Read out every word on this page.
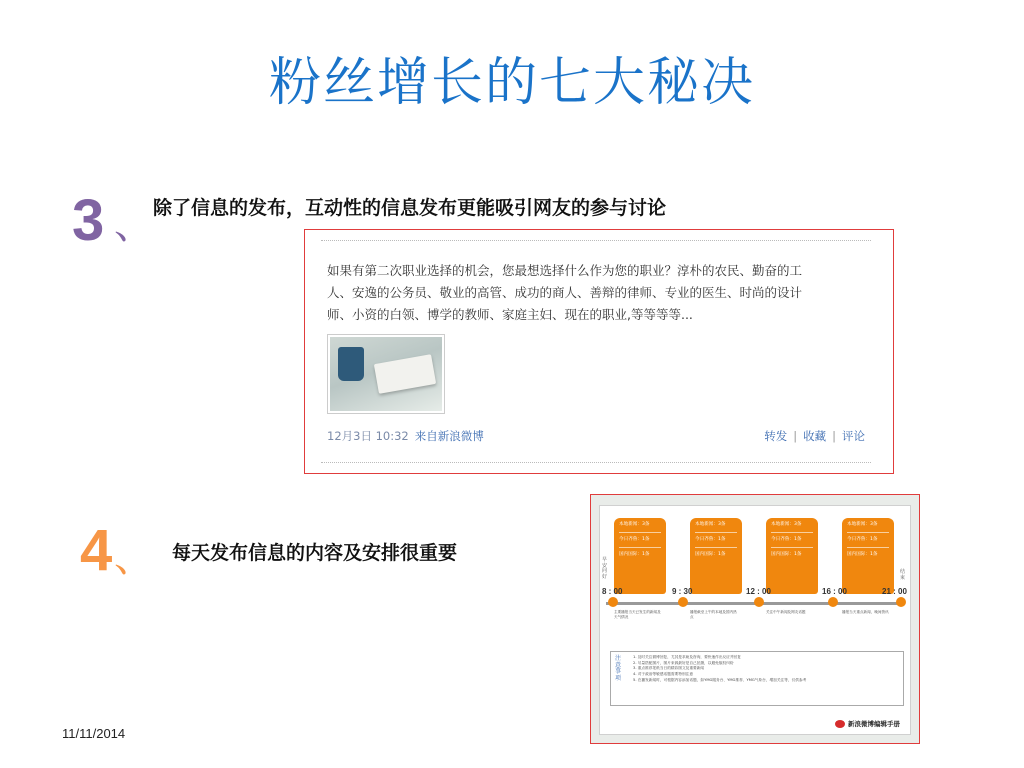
粉丝增长的七大秘决
3 、 除了信息的发布，互动性的信息发布更能吸引网友的参与讨论
如果有第二次职业选择的机会，您最想选择什么作为您的职业？淳朴的农民、勤奋的工
人、安逸的公务员、敬业的高管、成功的商人、善辩的律师、专业的医生、时尚的设计
师、小资的白领、博学的教师、家庭主妇、现在的职业,等等等等...
12月3日 10:32 来自新浪微博	转发 | 收藏 | 评论
4 、 每天发布信息的内容及安排很重要	早安问好
结束
本地新闻：3条
今日齐鲁：1条
国内国际：1条
本地新闻：3条
今日齐鲁：1条
国内国际：1条
本地新闻：3条
今日齐鲁：1条
国内国际：1条
本地新闻：3条
今日齐鲁：1条
国内国际：1条
8 : 00	9 : 30	12 : 00	16 : 00	21 : 00
主要播报当天已发生的新闻及天气情况
播报截至上午的本地及国内热点
关注中午新闻及网友话题	播报当天重点新闻，晚间资讯
注意事项
1. 及时关注微博回复，尤其是求助及咨询，要快速作出反应并回复
2. 尽量搭配图片，图片来源最好是自己拍摄，以避免版权纠纷
3. 重点推荐报纸当日的精彩图文及重要新闻
4. 对于政治等敏感话题需要特别注意
5. 在播发新闻时，可根据内容添加话题，如YMG服务台、YMG推荐、YMG气象台，增加关注等，仅供参考
新浪微博编辑手册
11/11/2014
